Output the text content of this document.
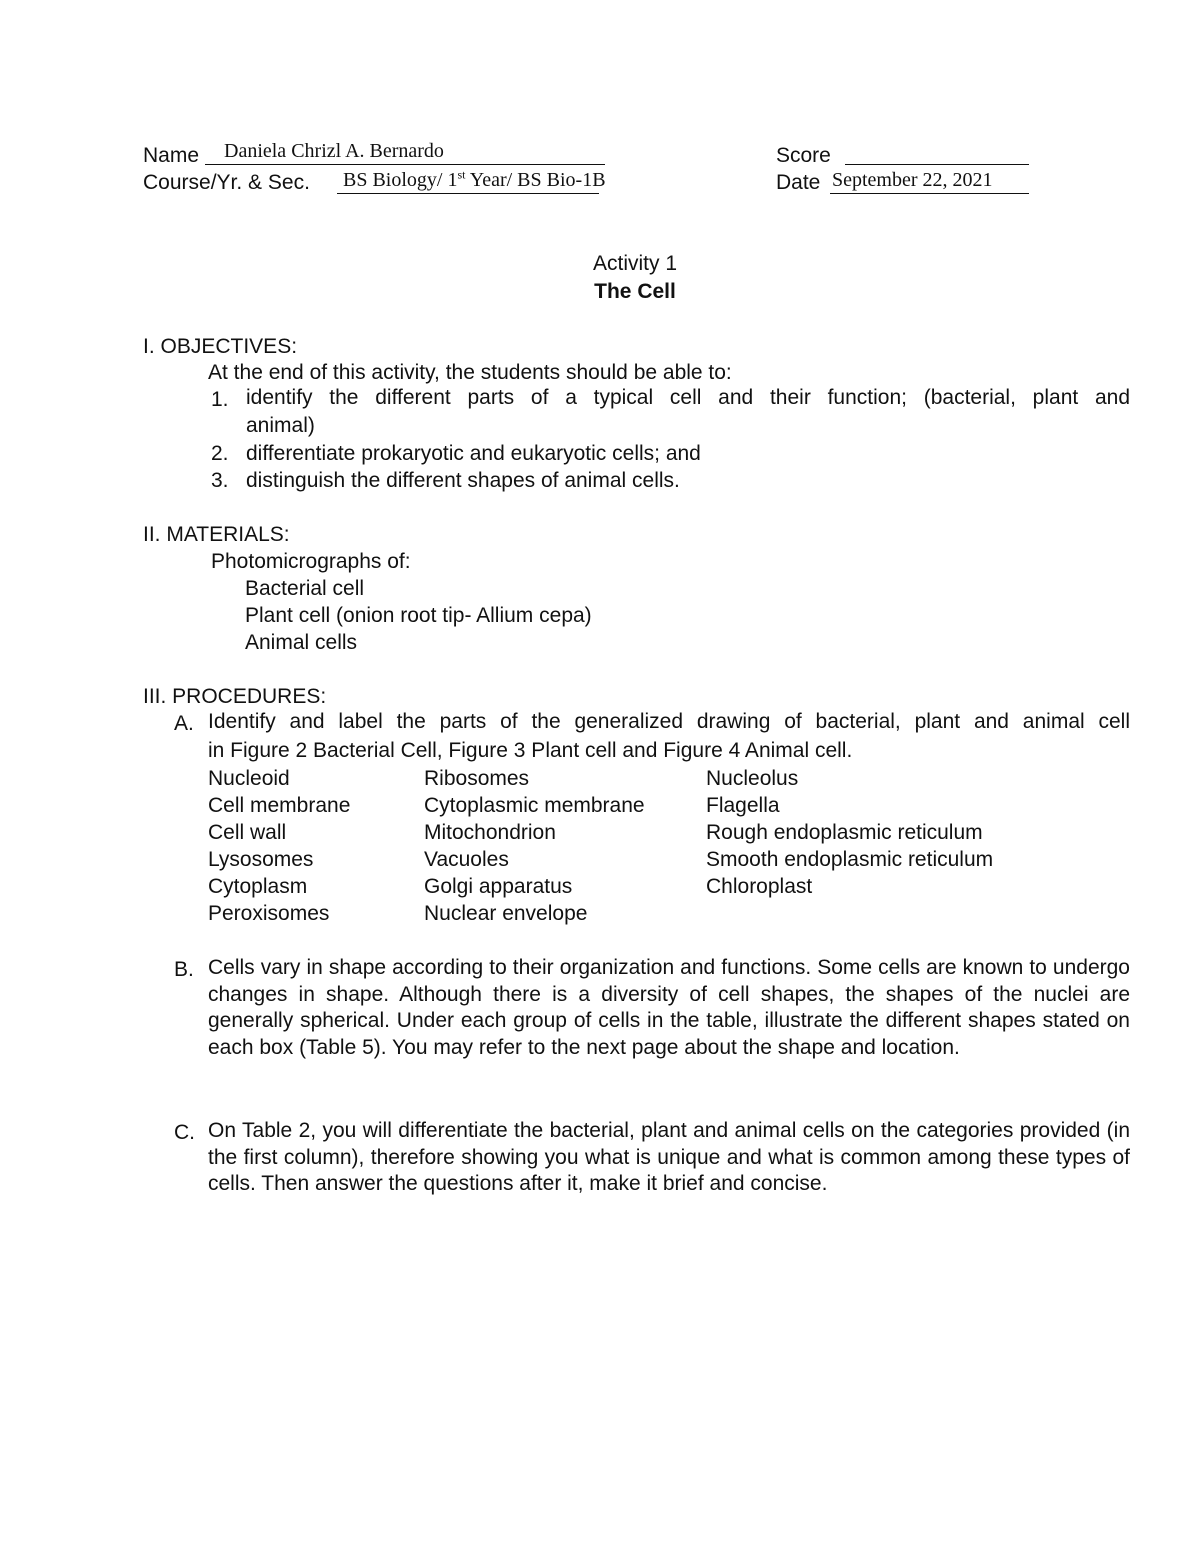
Name Daniela Chrizl A. Bernardo	Score
Course/Yr. & Sec. BS Biology/ 1st Year/ BS Bio-1B	Date September 22, 2021
Activity 1
The Cell
I. OBJECTIVES:
At the end of this activity, the students should be able to:
1. identify the different parts of a typical cell and their function; (bacterial, plant and
animal)
2. differentiate prokaryotic and eukaryotic cells; and
3. distinguish the different shapes of animal cells.
II. MATERIALS:
Photomicrographs of:
Bacterial cell
Plant cell (onion root tip- Allium cepa)
Animal cells
III. PROCEDURES:
A. Identify and label the parts of the generalized drawing of bacterial, plant and animal cell
in Figure 2 Bacterial Cell, Figure 3 Plant cell and Figure 4 Animal cell.
Nucleoid
Cell membrane
Cell wall
Lysosomes
Cytoplasm
Peroxisomes
Ribosomes
Cytoplasmic membrane
Mitochondrion
Vacuoles
Golgi apparatus
Nuclear envelope
Nucleolus
Flagella
Rough endoplasmic reticulum
Smooth endoplasmic reticulum
Chloroplast
B. Cells vary in shape according to their organization and functions. Some cells are known to undergo changes in shape. Although there is a diversity of cell shapes, the shapes of the nuclei are generally spherical. Under each group of cells in the table, illustrate the different shapes stated on each box (Table 5). You may refer to the next page about the shape and location.
C. On Table 2, you will differentiate the bacterial, plant and animal cells on the categories provided (in the first column), therefore showing you what is unique and what is common among these types of cells. Then answer the questions after it, make it brief and concise.
